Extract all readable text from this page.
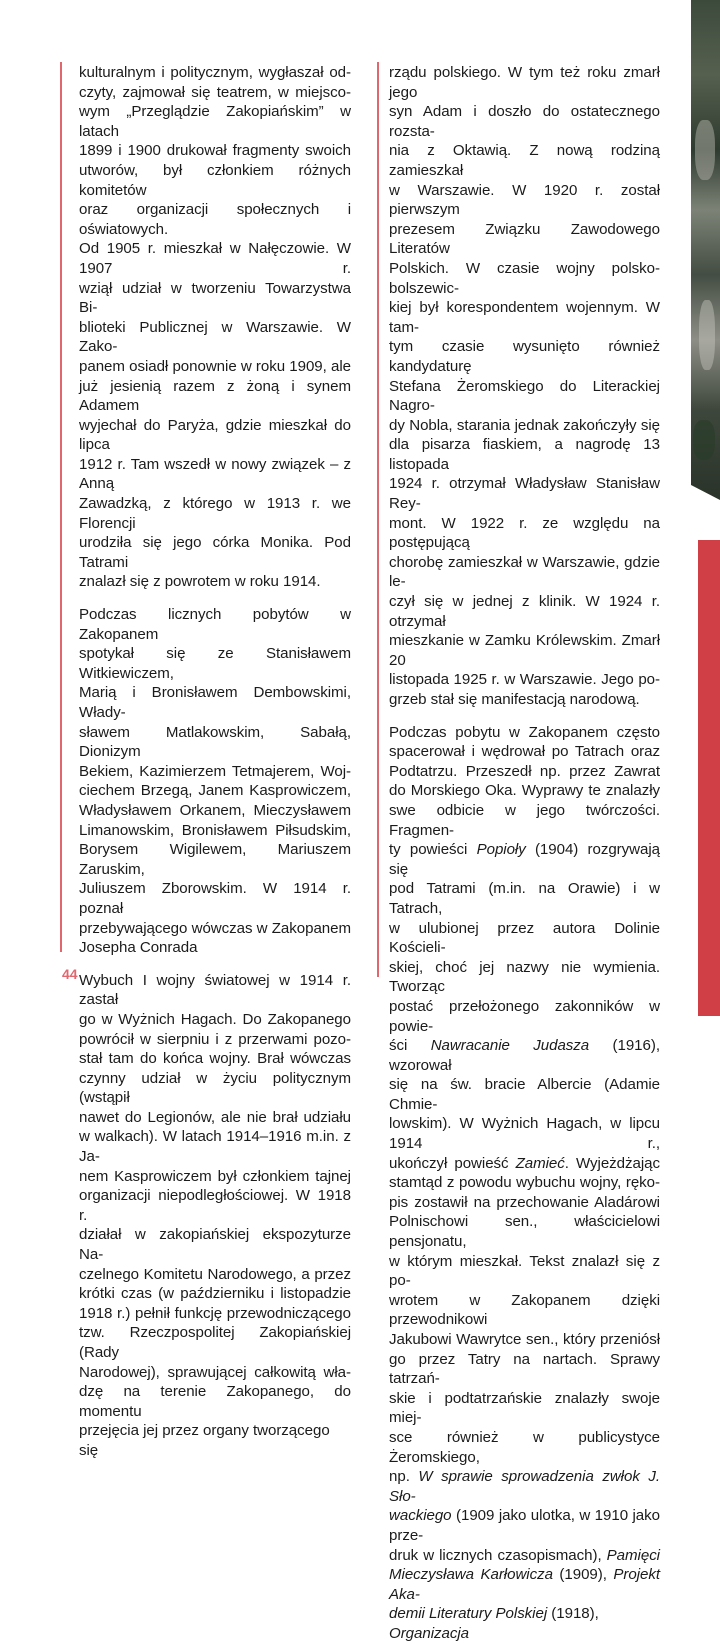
kulturalnym i politycznym, wygłaszał od-
czyty, zajmował się teatrem, w miejsco-
wym „Przeglądzie Zakopiańskim” w latach
1899 i 1900 drukował fragmenty swoich
utworów, był członkiem różnych komitetów
oraz organizacji społecznych i oświatowych.
Od 1905 r. mieszkał w Nałęczowie. W 1907 r.
wziął udział w tworzeniu Towarzystwa Bi-
blioteki Publicznej w Warszawie. W Zako-
panem osiadł ponownie w roku 1909, ale
już jesienią razem z żoną i synem Adamem
wyjechał do Paryża, gdzie mieszkał do lipca
1912 r. Tam wszedł w nowy związek – z Anną
Zawadzką, z którego w 1913 r. we Florencji
urodziła się jego córka Monika. Pod Tatrami
znalazł się z powrotem w roku 1914.

Podczas licznych pobytów w Zakopanem
spotykał się ze Stanisławem Witkiewiczem,
Marią i Bronisławem Dembowskimi, Włady-
sławem Matlakowskim, Sabałą, Dionizym
Bekiem, Kazimierzem Tetmajerem, Woj-
ciechem Brzegą, Janem Kasprowiczem,
Władysławem Orkanem, Mieczysławem
Limanowskim, Bronisławem Piłsudskim,
Borysem Wigilewem, Mariuszem Zaruskim,
Juliuszem Zborowskim. W 1914 r. poznał
przebywającego wówczas w Zakopanem
Josepha Conrada

Wybuch I wojny światowej w 1914 r. zastał
go w Wyżnich Hagach. Do Zakopanego
powrócił w sierpniu i z przerwami pozo-
stał tam do końca wojny. Brał wówczas
czynny udział w życiu politycznym (wstąpił
nawet do Legionów, ale nie brał udziału
w walkach). W latach 1914–1916 m.in. z Ja-
nem Kasprowiczem był członkiem tajnej
organizacji niepodległościowej. W 1918 r.
działał w zakopiańskiej ekspozyturze Na-
czelnego Komitetu Narodowego, a przez
krótki czas (w październiku i listopadzie
1918 r.) pełnił funkcję przewodniczącego
tzw. Rzeczpospolitej Zakopiańskiej (Rady
Narodowej), sprawującej całkowitą wła-
dzę na terenie Zakopanego, do momentu
przejęcia jej przez organy tworzącego się

rządu polskiego. W tym też roku zmarł jego
syn Adam i doszło do ostatecznego rozsta-
nia z Oktawią. Z nową rodziną zamieszkał
w Warszawie. W 1920 r. został pierwszym
prezesem Związku Zawodowego Literatów
Polskich. W czasie wojny polsko-bolszewic-
kiej był korespondentem wojennym. W tam-
tym czasie wysunięto również kandydaturę
Stefana Żeromskiego do Literackiej Nagro-
dy Nobla, starania jednak zakończyły się
dla pisarza fiaskiem, a nagrodę 13 listopada
1924 r. otrzymał Władysław Stanisław Rey-
mont. W 1922 r. ze względu na postępującą
chorobę zamieszkał w Warszawie, gdzie le-
czył się w jednej z klinik. W 1924 r. otrzymał
mieszkanie w Zamku Królewskim. Zmarł 20
listopada 1925 r. w Warszawie. Jego po-
grzeb stał się manifestacją narodową.

Podczas pobytu w Zakopanem często
spacerował i wędrował po Tatrach oraz
Podtatrzu. Przeszedł np. przez Zawrat
do Morskiego Oka. Wyprawy te znalazły
swe odbicie w jego twórczości. Fragmen-
ty powieści Popioły (1904) rozgrywają się
pod Tatrami (m.in. na Orawie) i w Tatrach,
w ulubionej przez autora Dolinie Kościeli-
skiej, choć jej nazwy nie wymienia. Tworząc
postać przełożonego zakonników w powie-
ści Nawracanie Judasza (1916), wzorował
się na św. bracie Albercie (Adamie Chmie-
lowskim). W Wyżnich Hagach, w lipcu 1914 r.,
ukończył powieść Zamieć. Wyjeżdżając
stamtąd z powodu wybuchu wojny, ręko-
pis zostawił na przechowanie Aladárowi
Polnischowi sen., właścicielowi pensjonatu,
w którym mieszkał. Tekst znalazł się z po-
wrotem w Zakopanem dzięki przewodnikowi
Jakubowi Wawrytce sen., który przeniósł
go przez Tatry na nartach. Sprawy tatrzań-
skie i podtatrzańskie znalazły swoje miej-
sce również w publicystyce Żeromskiego,
np. W sprawie sprowadzenia zwłok J. Sło-
wackiego (1909 jako ulotka, w 1910 jako prze-
druk w licznych czasopismach), Pamięci
Mieczysława Karłowicza (1909), Projekt Aka-
demii Literatury Polskiej (1918), Organizacja

44
